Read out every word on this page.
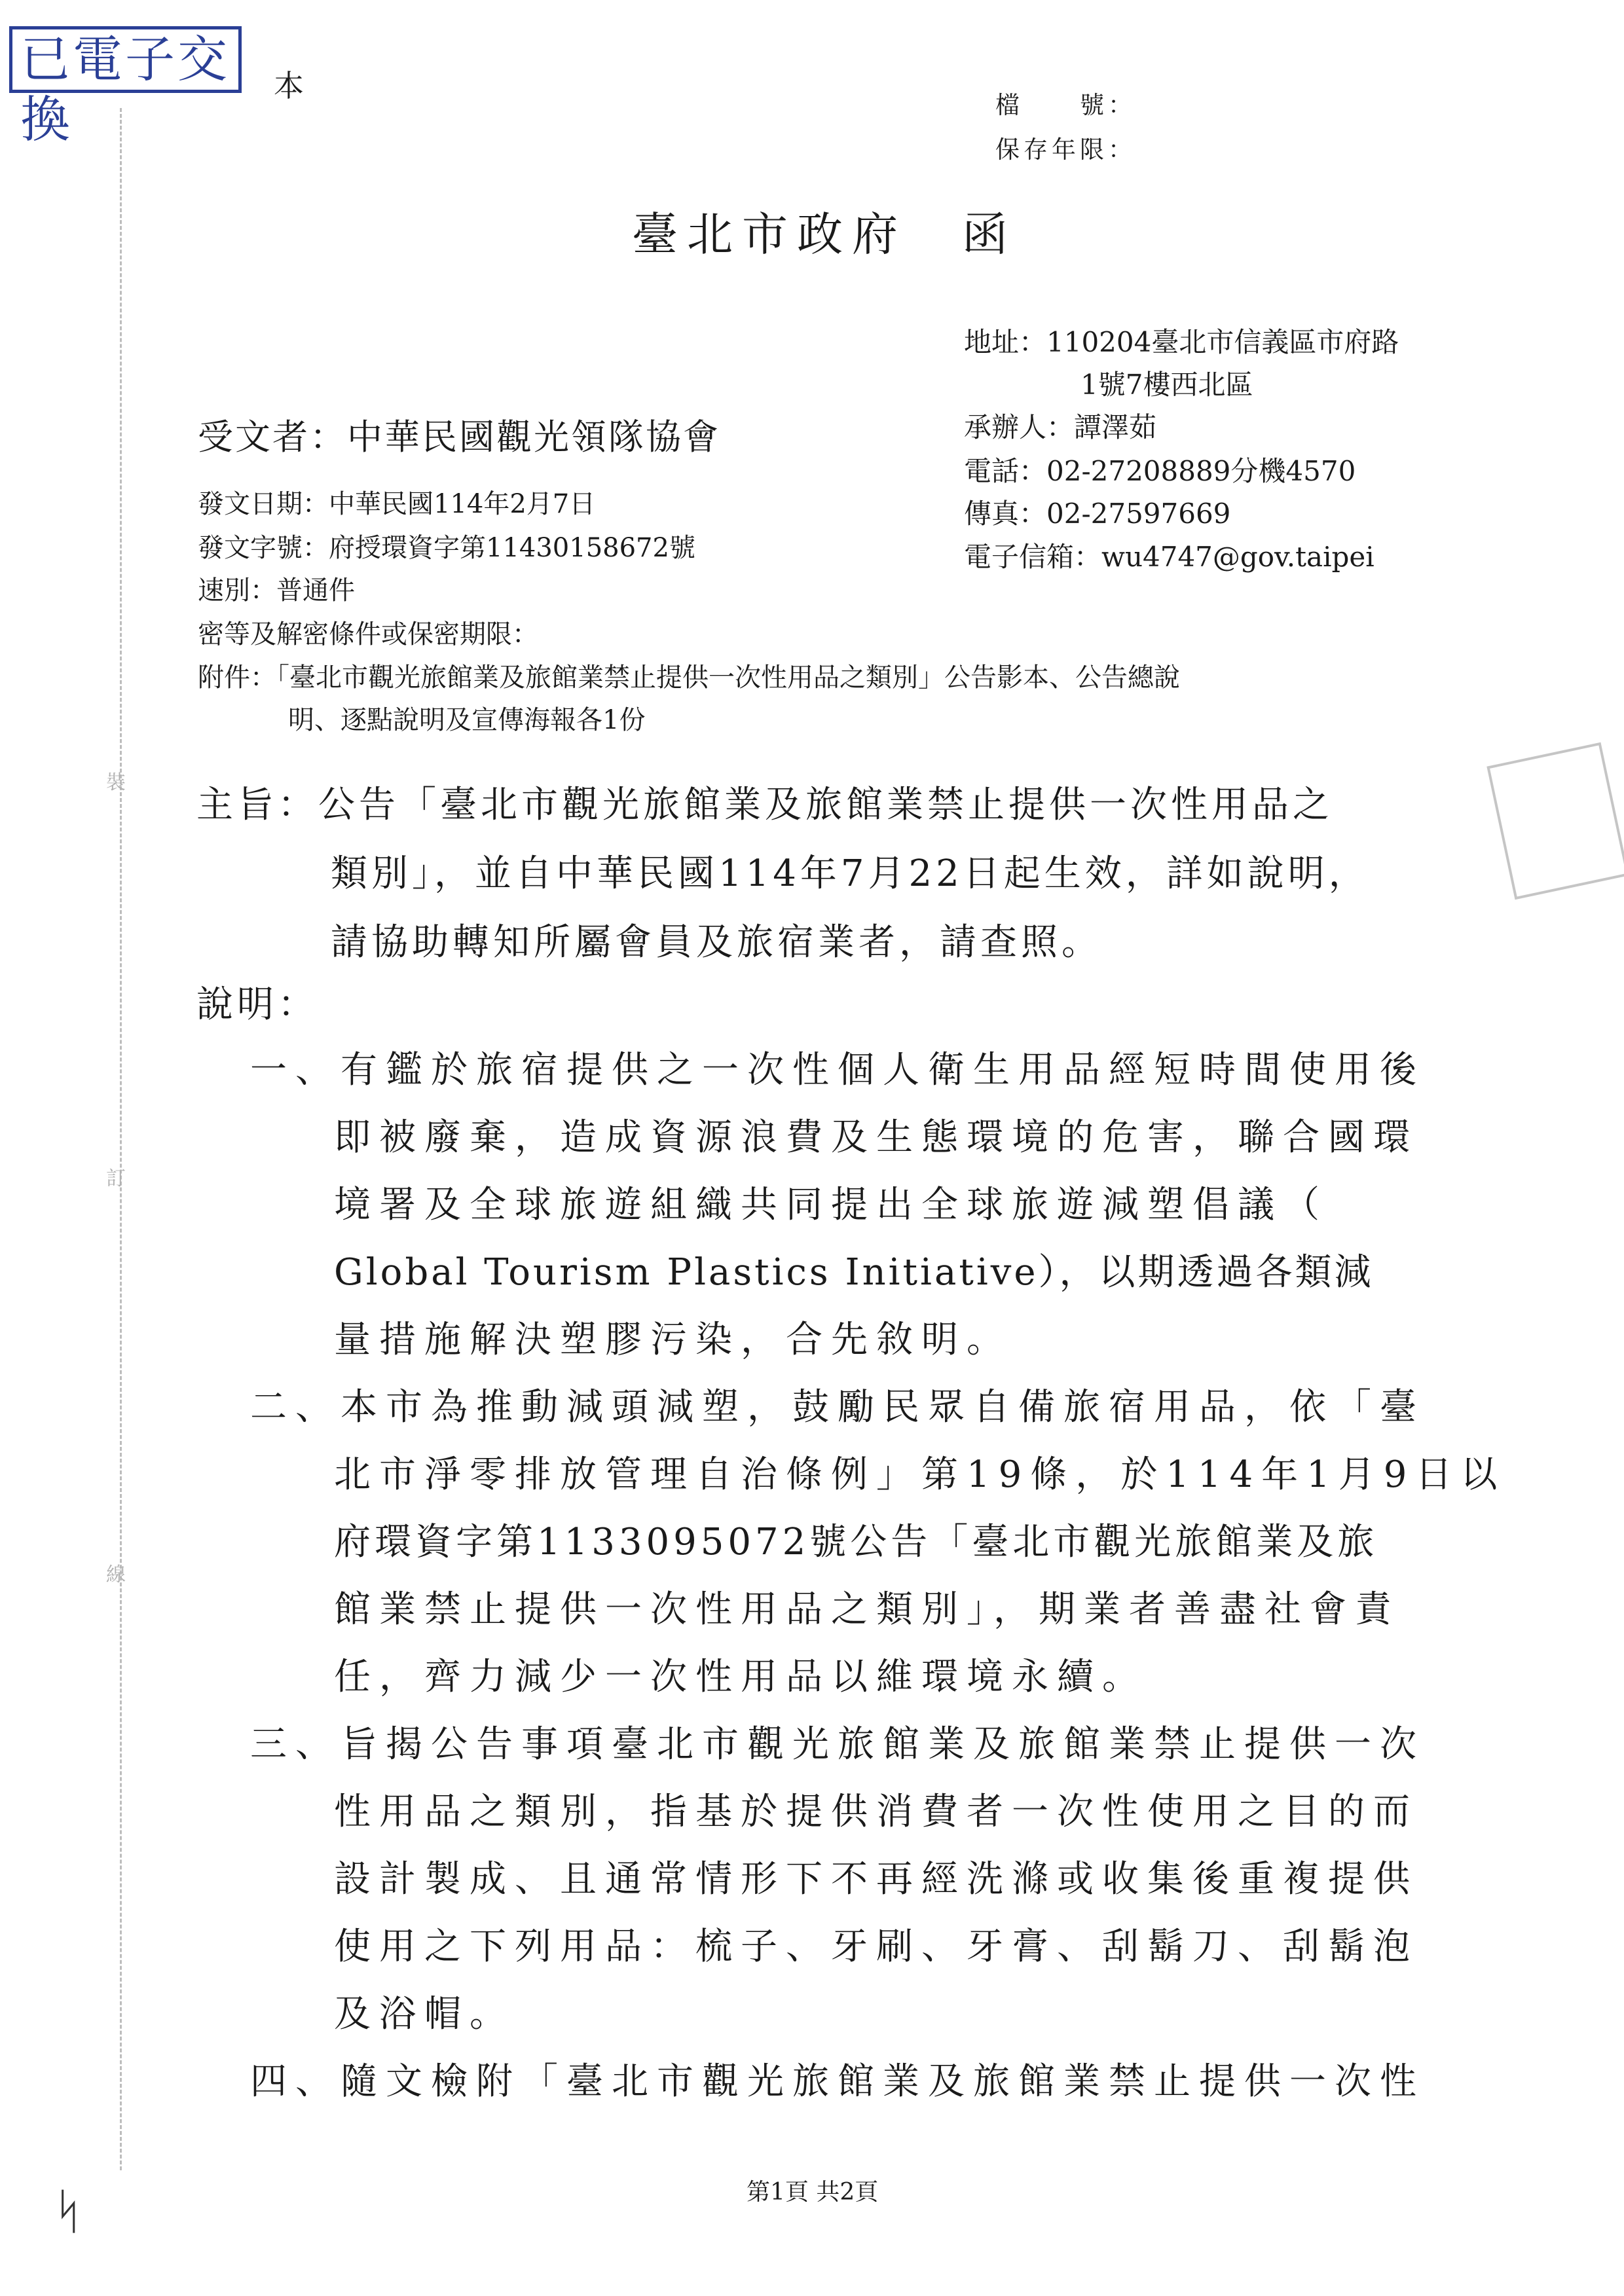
已電子交換
本
裝
訂
線
檔　　號：
保存年限：
臺北市政府　函
地址：110204臺北市信義區市府路
1號7樓西北區
承辦人：譚澤茹
電話：02-27208889分機4570
傳真：02-27597669
電子信箱：wu4747@gov.taipei
受文者：中華民國觀光領隊協會
發文日期：中華民國114年2月7日
發文字號：府授環資字第11430158672號
速別：普通件
密等及解密條件或保密期限：
附件：「臺北市觀光旅館業及旅館業禁止提供一次性用品之類別」公告影本、公告總說
明、逐點說明及宣傳海報各1份
主旨：公告「臺北市觀光旅館業及旅館業禁止提供一次性用品之
類別」，並自中華民國114年7月22日起生效，詳如說明，
請協助轉知所屬會員及旅宿業者，請查照。
說明：
一、有鑑於旅宿提供之一次性個人衛生用品經短時間使用後
即被廢棄，造成資源浪費及生態環境的危害，聯合國環
境署及全球旅遊組織共同提出全球旅遊減塑倡議（
Global Tourism Plastics Initiative），以期透過各類減
量措施解決塑膠污染，合先敘明。
二、本市為推動減頭減塑，鼓勵民眾自備旅宿用品，依「臺
北市淨零排放管理自治條例」第19條，於114年1月9日以
府環資字第1133095072號公告「臺北市觀光旅館業及旅
館業禁止提供一次性用品之類別」，期業者善盡社會責
任，齊力減少一次性用品以維環境永續。
三、旨揭公告事項臺北市觀光旅館業及旅館業禁止提供一次
性用品之類別，指基於提供消費者一次性使用之目的而
設計製成、且通常情形下不再經洗滌或收集後重複提供
使用之下列用品：梳子、牙刷、牙膏、刮鬍刀、刮鬍泡
及浴帽。
四、隨文檢附「臺北市觀光旅館業及旅館業禁止提供一次性
第1頁 共2頁
ᛋ
